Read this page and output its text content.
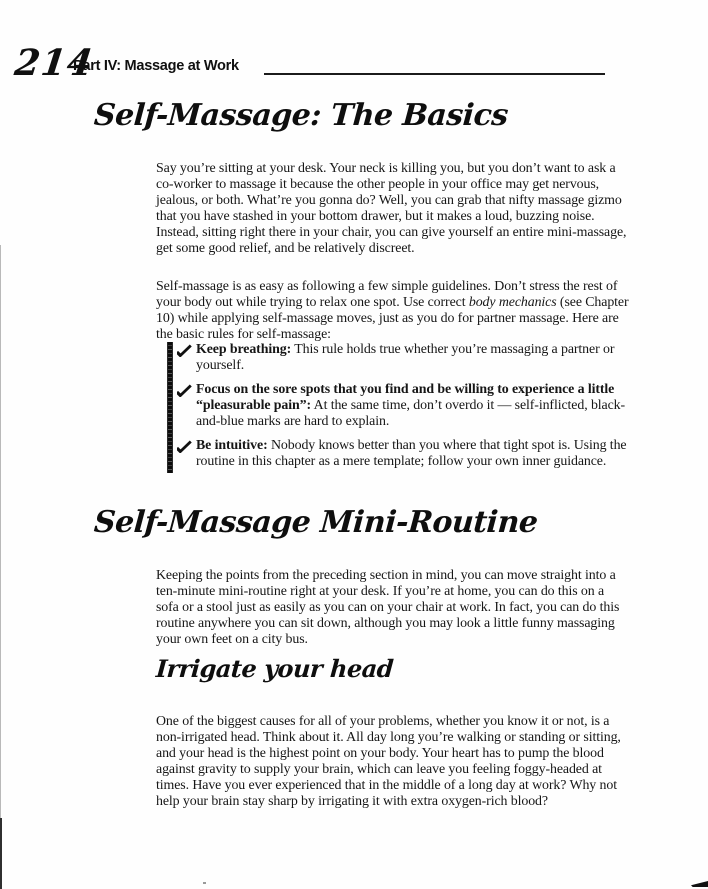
214
Part IV: Massage at Work
Self-Massage: The Basics

Say you’re sitting at your desk. Your neck is killing you, but you don’t want to ask a co-worker to massage it because the other people in your office may get nervous, jealous, or both. What’re you gonna do? Well, you can grab that nifty massage gizmo that you have stashed in your bottom drawer, but it makes a loud, buzzing noise. Instead, sitting right there in your chair, you can give yourself an entire mini-massage, get some good relief, and be relatively discreet.

Self-massage is as easy as following a few simple guidelines. Don’t stress the rest of your body out while trying to relax one spot. Use correct body mechanics (see Chapter 10) while applying self-massage moves, just as you do for partner massage. Here are the basic rules for self-massage:

Keep breathing: This rule holds true whether you’re massaging a partner or yourself.
Focus on the sore spots that you find and be willing to experience a little “pleasurable pain”: At the same time, don’t overdo it — self-inflicted, black-and-blue marks are hard to explain.
Be intuitive: Nobody knows better than you where that tight spot is. Using the routine in this chapter as a mere template; follow your own inner guidance.
Self-Massage Mini-Routine

Keeping the points from the preceding section in mind, you can move straight into a ten-minute mini-routine right at your desk. If you’re at home, you can do this on a sofa or a stool just as easily as you can on your chair at work. In fact, you can do this routine anywhere you can sit down, although you may look a little funny massaging your own feet on a city bus.

Irrigate your head

One of the biggest causes for all of your problems, whether you know it or not, is a non-irrigated head. Think about it. All day long you’re walking or standing or sitting, and your head is the highest point on your body. Your heart has to pump the blood against gravity to supply your brain, which can leave you feeling foggy-headed at times. Have you ever experienced that in the middle of a long day at work? Why not help your brain stay sharp by irrigating it with extra oxygen-rich blood?
